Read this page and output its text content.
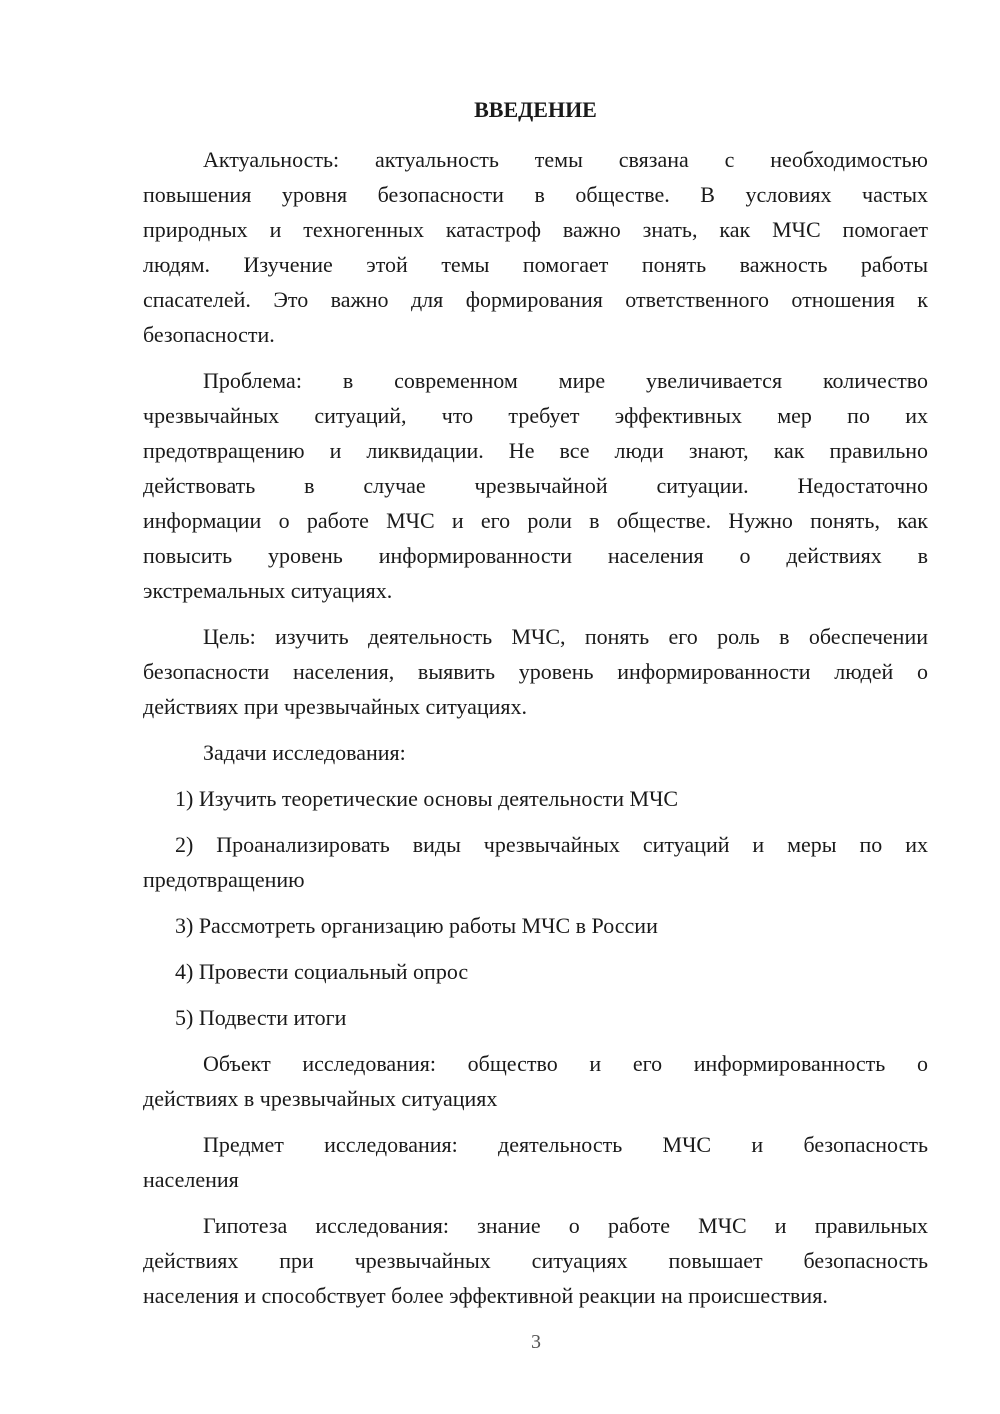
ВВЕДЕНИЕ
Актуальность: актуальность темы связана с необходимостью
повышения уровня безопасности в обществе. В условиях частых
природных и техногенных катастроф важно знать, как МЧС помогает
людям. Изучение этой темы помогает понять важность работы
спасателей. Это важно для формирования ответственного отношения к
безопасности.
Проблема: в современном мире увеличивается количество
чрезвычайных ситуаций, что требует эффективных мер по их
предотвращению и ликвидации. Не все люди знают, как правильно
действовать в случае чрезвычайной ситуации. Недостаточно
информации о работе МЧС и его роли в обществе. Нужно понять, как
повысить уровень информированности населения о действиях в
экстремальных ситуациях.
Цель: изучить деятельность МЧС, понять его роль в обеспечении
безопасности населения, выявить уровень информированности людей о
действиях при чрезвычайных ситуациях.
Задачи исследования:
1) Изучить теоретические основы деятельности МЧС
2) Проанализировать виды чрезвычайных ситуаций и меры по их
предотвращению
3) Рассмотреть организацию работы МЧС в России
4) Провести социальный опрос
5) Подвести итоги
Объект исследования: общество и его информированность о
действиях в чрезвычайных ситуациях
Предмет исследования: деятельность МЧС и безопасность
населения
Гипотеза исследования: знание о работе МЧС и правильных
действиях при чрезвычайных ситуациях повышает безопасность
населения и способствует более эффективной реакции на происшествия.
3
